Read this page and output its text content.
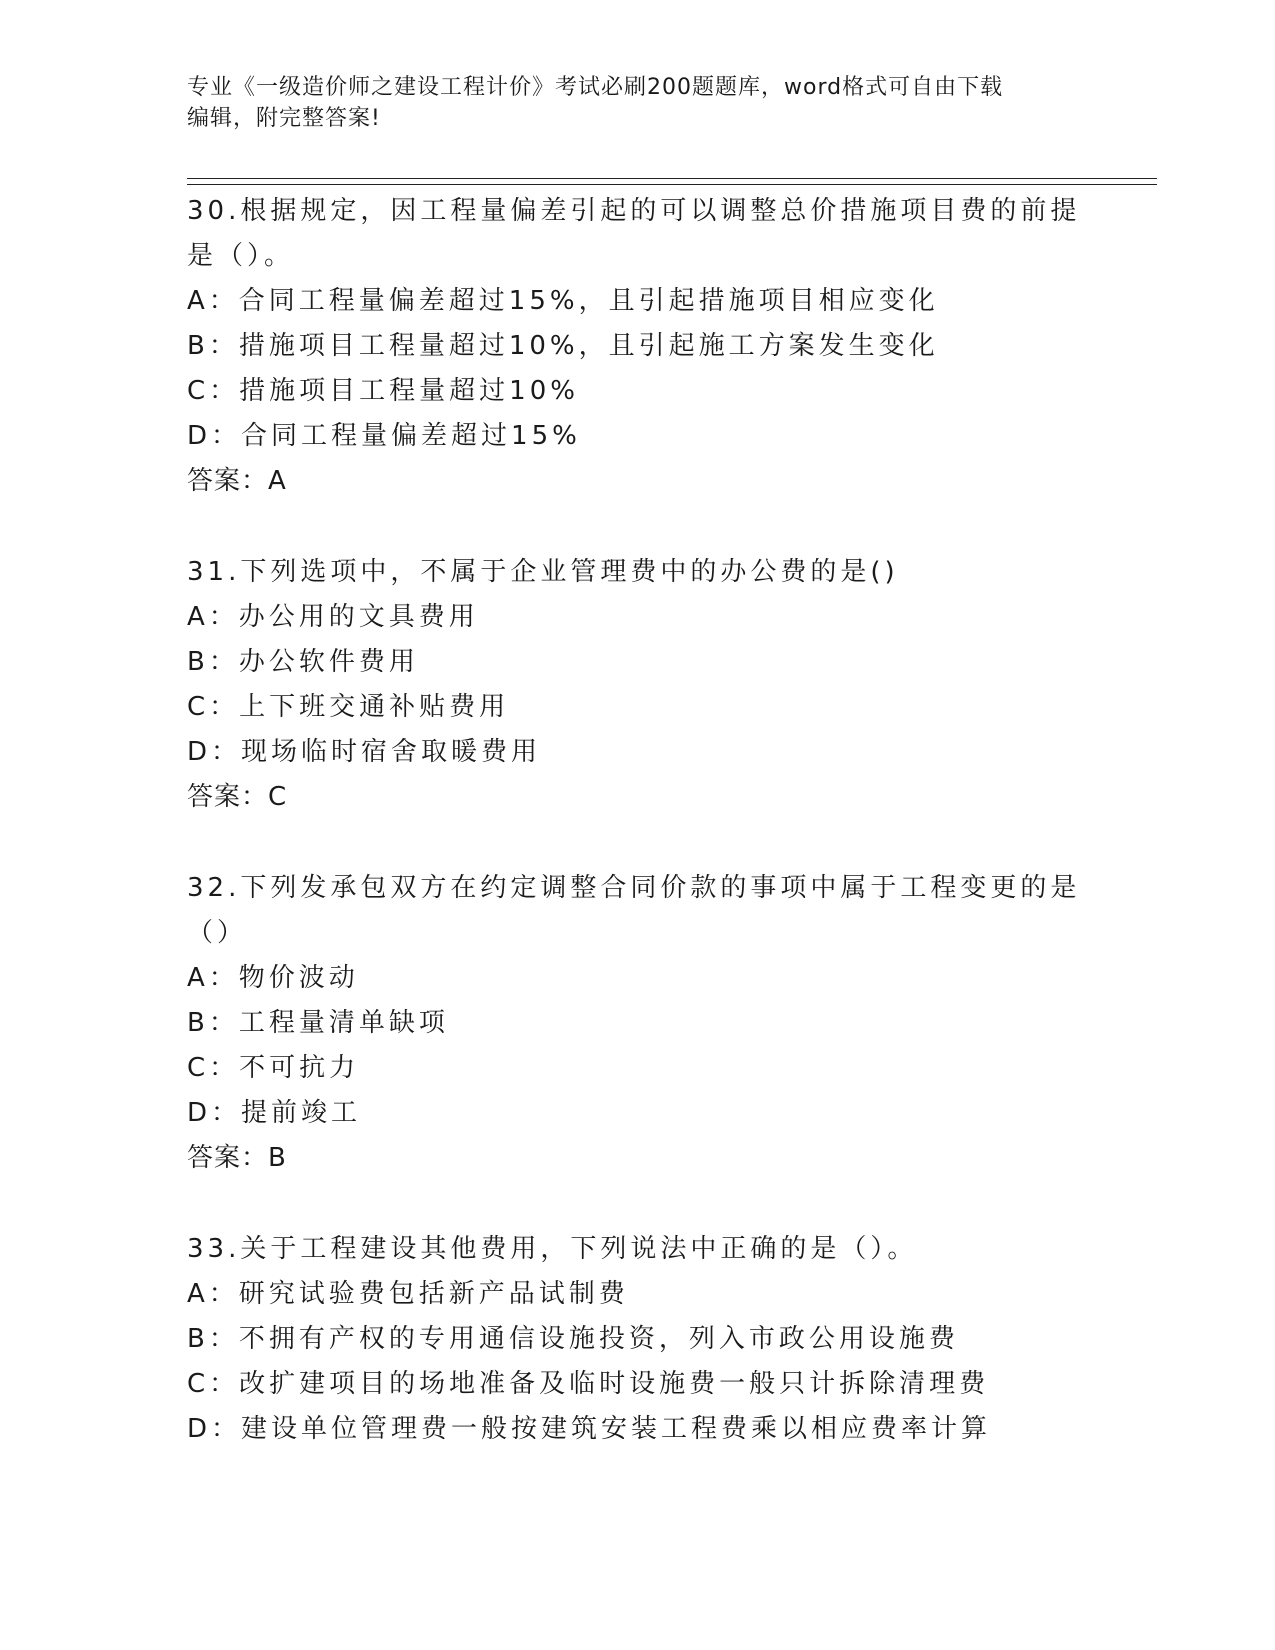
专业《一级造价师之建设工程计价》考试必刷200题题库，word格式可自由下载
编辑，附完整答案!
30.根据规定，因工程量偏差引起的可以调整总价措施项目费的前提是（）。
A：合同工程量偏差超过15%，且引起措施项目相应变化
B：措施项目工程量超过10%，且引起施工方案发生变化
C：措施项目工程量超过10%
D：合同工程量偏差超过15%
答案：A
31.下列选项中，不属于企业管理费中的办公费的是()
A：办公用的文具费用
B：办公软件费用
C：上下班交通补贴费用
D：现场临时宿舍取暖费用
答案：C
32.下列发承包双方在约定调整合同价款的事项中属于工程变更的是（）
A：物价波动
B：工程量清单缺项
C：不可抗力
D：提前竣工
答案：B
33.关于工程建设其他费用，下列说法中正确的是（）。
A：研究试验费包括新产品试制费
B：不拥有产权的专用通信设施投资，列入市政公用设施费
C：改扩建项目的场地准备及临时设施费一般只计拆除清理费
D：建设单位管理费一般按建筑安装工程费乘以相应费率计算
